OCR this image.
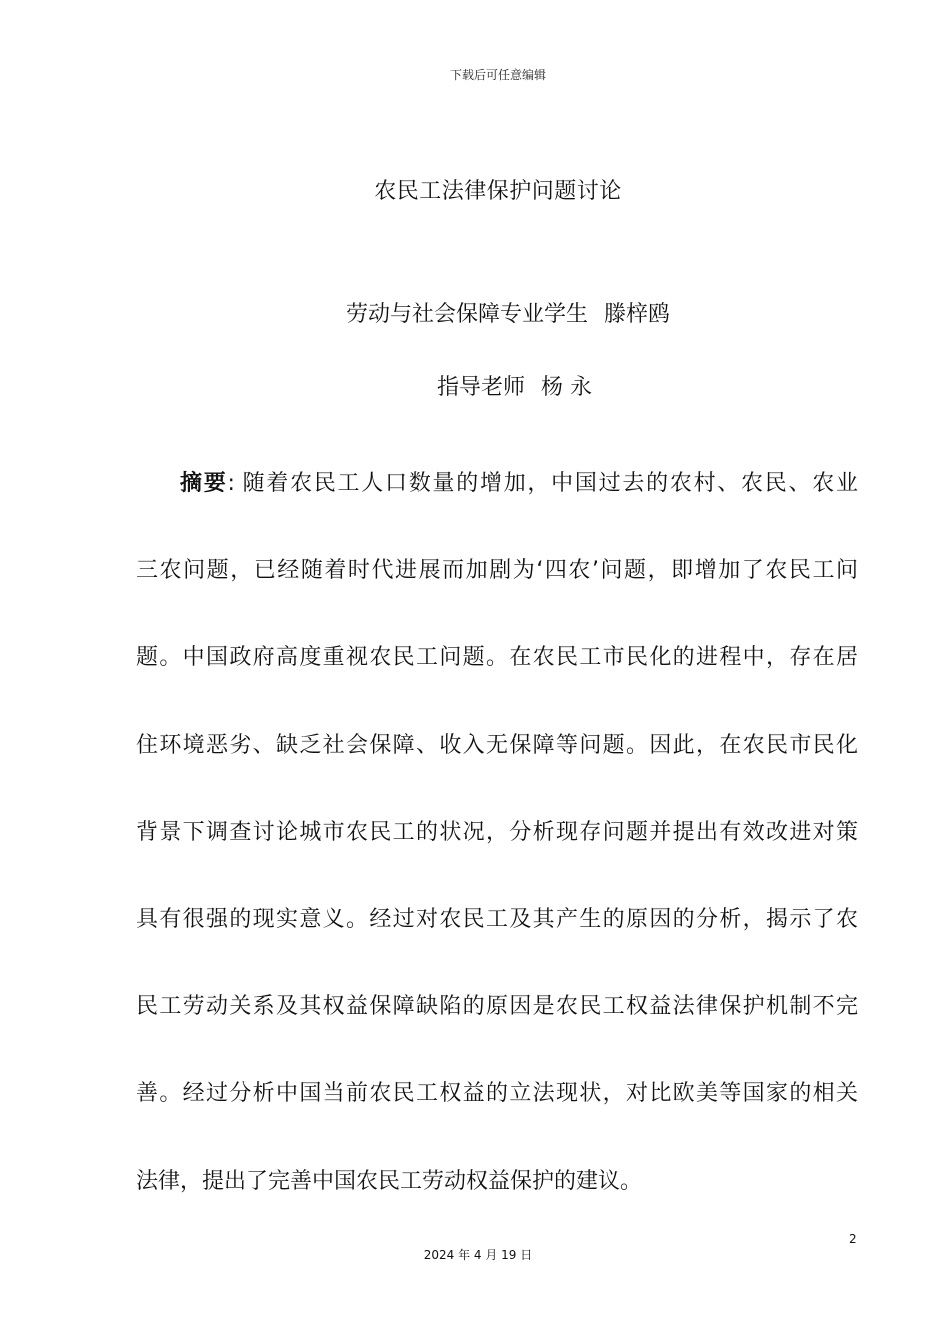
下载后可任意编辑
农民工法律保护问题讨论
劳动与社会保障专业学生 滕梓鸥
指导老师 杨 永
摘要: 随着农民工人口数量的增加，中国过去的农村、农民、农业
三农问题，已经随着时代进展而加剧为‘四农’问题，即增加了农民工问
题。中国政府高度重视农民工问题。在农民工市民化的进程中，存在居
住环境恶劣、缺乏社会保障、收入无保障等问题。因此，在农民市民化
背景下调查讨论城市农民工的状况，分析现存问题并提出有效改进对策
具有很强的现实意义。经过对农民工及其产生的原因的分析，揭示了农
民工劳动关系及其权益保障缺陷的原因是农民工权益法律保护机制不完
善。经过分析中国当前农民工权益的立法现状，对比欧美等国家的相关
法律，提出了完善中国农民工劳动权益保护的建议。
2
2024 年 4 月 19 日
